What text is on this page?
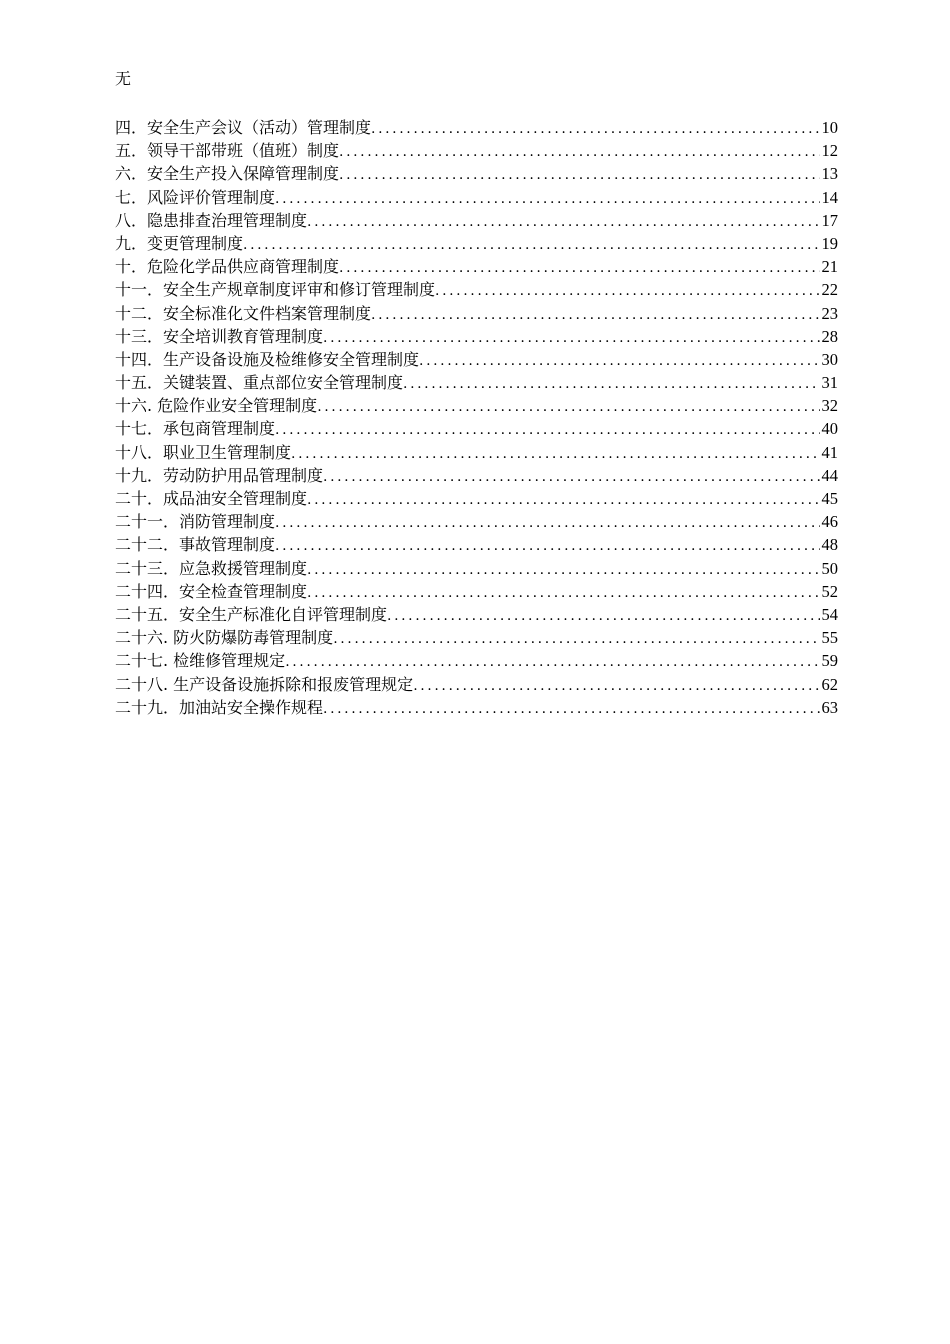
无
四．安全生产会议（活动）管理制度 .....	10
五．领导干部带班（值班）制度 .....	12
六．安全生产投入保障管理制度 .....	13
七．风险评价管理制度 .....	14
八．隐患排查治理管理制度 .....	17
九．变更管理制度 .....	19
十．危险化学品供应商管理制度 .....	21
十一．安全生产规章制度评审和修订管理制度 .....	22
十二．安全标准化文件档案管理制度 .....	23
十三．安全培训教育管理制度 .....	28
十四．生产设备设施及检维修安全管理制度 .....	30
十五．关键装置、重点部位安全管理制度 .....	31
十六. 危险作业安全管理制度 .....	32
十七．承包商管理制度 .....	40
十八．职业卫生管理制度 .....	41
十九．劳动防护用品管理制度 .....	44
二十．成品油安全管理制度 .....	45
二十一．消防管理制度 .....	46
二十二．事故管理制度 .....	48
二十三．应急救援管理制度 .....	50
二十四．安全检查管理制度 .....	52
二十五．安全生产标准化自评管理制度 .....	54
二十六. 防火防爆防毒管理制度 .....	55
二十七. 检维修管理规定 .....	59
二十八. 生产设备设施拆除和报废管理规定 .....	62
二十九．加油站安全操作规程 .....	63
